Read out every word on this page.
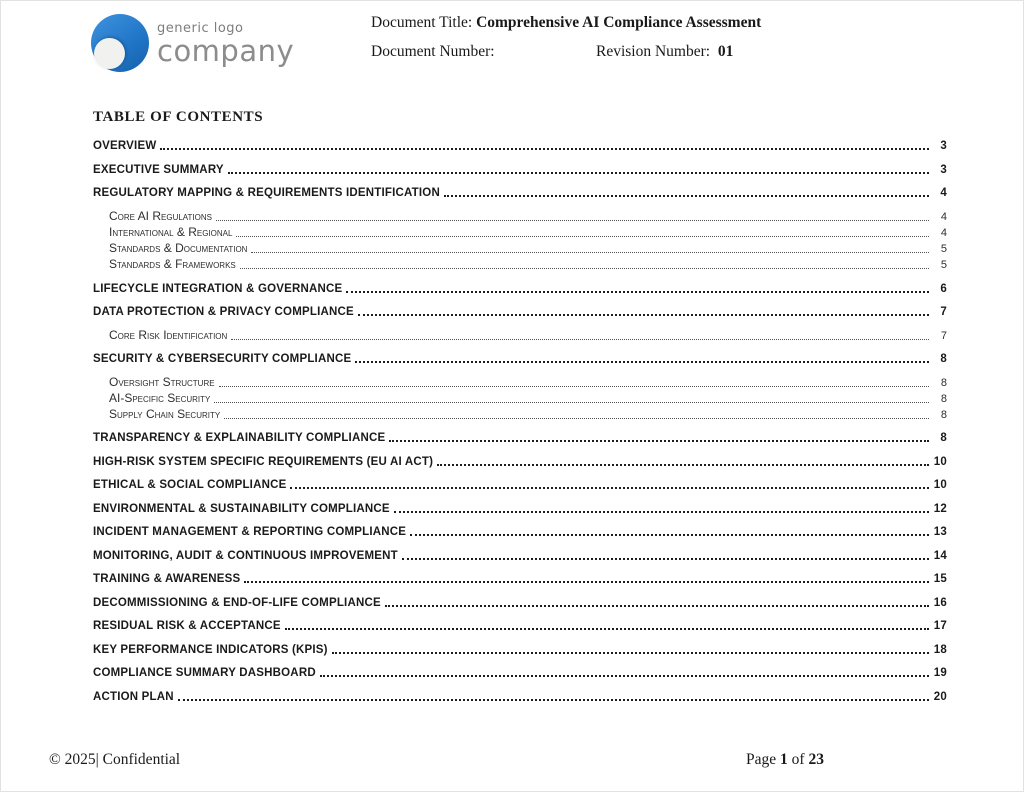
generic logo
company
Document Title: Comprehensive AI Compliance Assessment
Document Number:	Revision Number:  01
TABLE OF CONTENTS
OVERVIEW	3
EXECUTIVE SUMMARY	3
REGULATORY MAPPING & REQUIREMENTS IDENTIFICATION	4
Core AI Regulations	4
International & Regional	4
Standards & Documentation	5
Standards & Frameworks	5
LIFECYCLE INTEGRATION & GOVERNANCE	6
DATA PROTECTION & PRIVACY COMPLIANCE	7
Core Risk Identification	7
SECURITY & CYBERSECURITY COMPLIANCE	8
Oversight Structure	8
AI-Specific Security	8
Supply Chain Security	8
TRANSPARENCY & EXPLAINABILITY COMPLIANCE	8
HIGH-RISK SYSTEM SPECIFIC REQUIREMENTS (EU AI ACT)	10
ETHICAL & SOCIAL COMPLIANCE	10
ENVIRONMENTAL & SUSTAINABILITY COMPLIANCE	12
INCIDENT MANAGEMENT & REPORTING COMPLIANCE	13
MONITORING, AUDIT & CONTINUOUS IMPROVEMENT	14
TRAINING & AWARENESS	15
DECOMMISSIONING & END-OF-LIFE COMPLIANCE	16
RESIDUAL RISK & ACCEPTANCE	17
KEY PERFORMANCE INDICATORS (KPIS)	18
COMPLIANCE SUMMARY DASHBOARD	19
ACTION PLAN	20
© 2025| Confidential	Page 1 of 23
